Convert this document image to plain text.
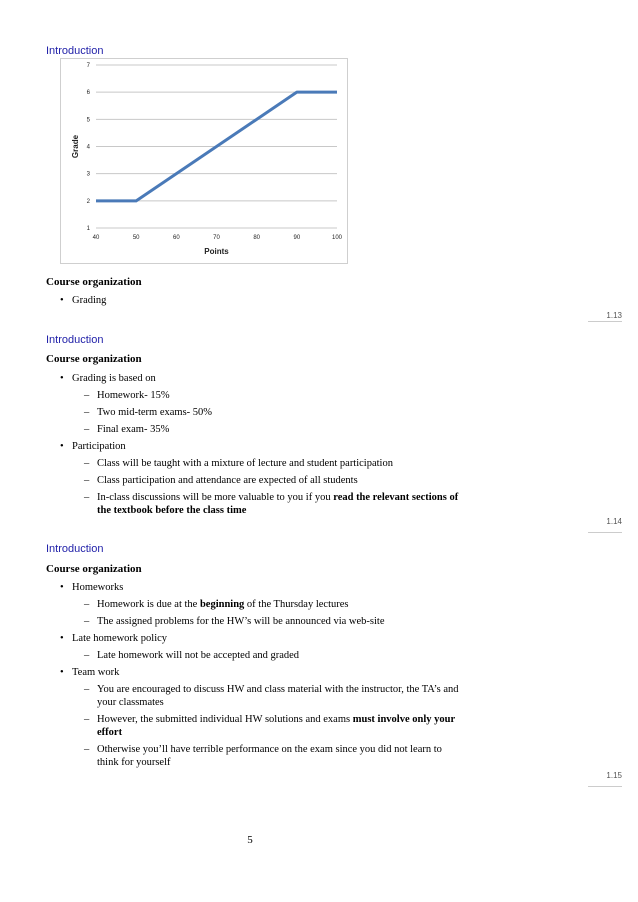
Introduction
1
2
3
4
5
6
7
40	50	60	70	80	90	100
Points
Grade
Course organization
• Grading
1.13
Introduction
Course organization
• Grading is based on
– Homework- 15%
– Two mid-term exams- 50%
– Final exam- 35%
• Participation
– Class will be taught with a mixture of lecture and student participation
– Class participation and attendance are expected of all students
– In-class discussions will be more valuable to you if you read the relevant sections of the textbook before the class time
1.14
Introduction
Course organization
• Homeworks
– Homework is due at the beginning of the Thursday lectures
– The assigned problems for the HW’s will be announced via web-site
• Late homework policy
– Late homework will not be accepted and graded
• Team work
– You are encouraged to discuss HW and class material with the instructor, the TA’s and your classmates
– However, the submitted individual HW solutions and exams must involve only your effort
– Otherwise you’ll have terrible performance on the exam since you did not learn to think for yourself
1.15
5
